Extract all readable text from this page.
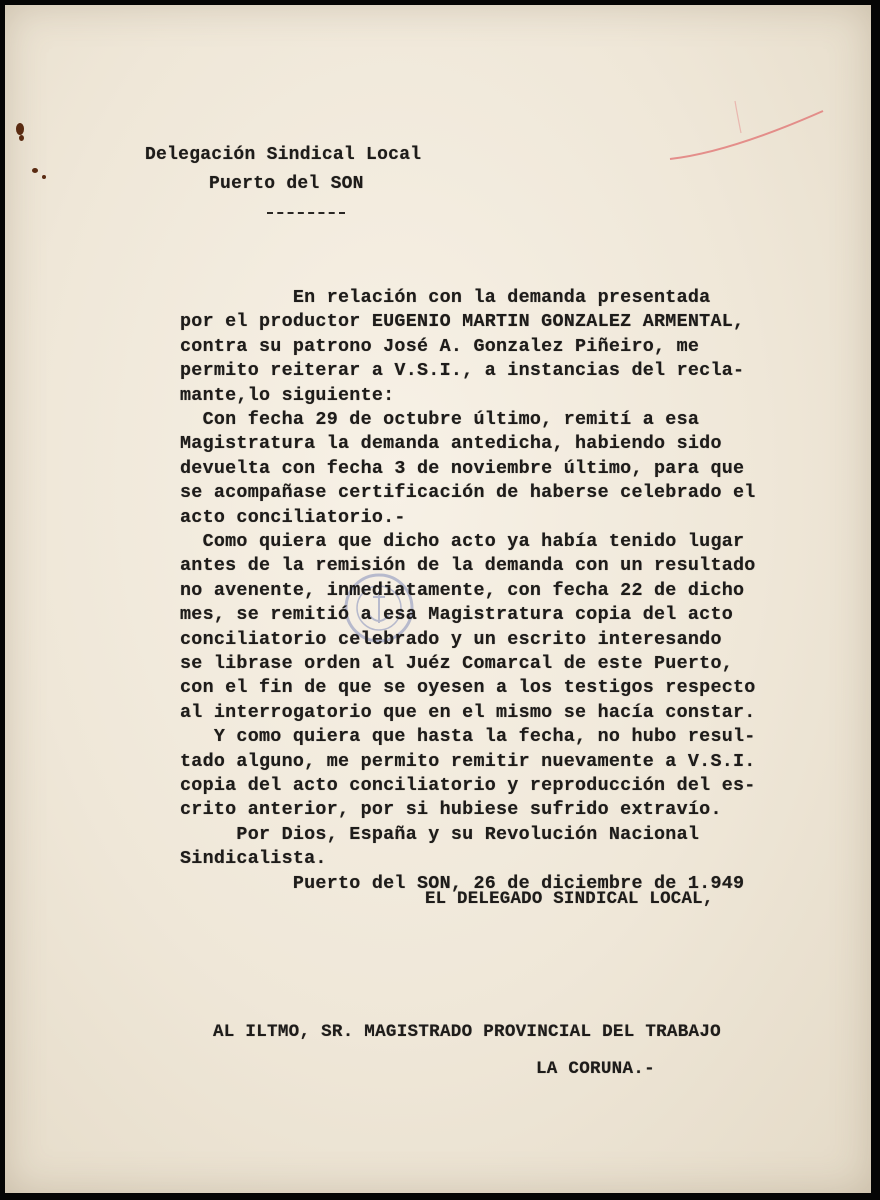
Delegación Sindical Local

Puerto del SON

En relación con la demanda presentada

por el productor EUGENIO MARTIN GONZALEZ ARMENTAL,

contra su patrono José A. Gonzalez Piñeiro, me

permito reiterar a V.S.I., a instancias del recla-

mante,lo siguiente:

Con fecha 29 de octubre último, remití a esa

Magistratura la demanda antedicha, habiendo sido

devuelta con fecha 3 de noviembre último, para que

se acompañase certificación de haberse celebrado el

acto conciliatorio.-

Como quiera que dicho acto ya había tenido lugar

antes de la remisión de la demanda con un resultado

no avenente, inmediatamente, con fecha 22 de dicho

mes, se remitió a esa Magistratura copia del acto

conciliatorio celebrado y un escrito interesando

se librase orden al Juéz Comarcal de este Puerto,

con el fin de que se oyesen a los testigos respecto

al interrogatorio que en el mismo se hacía constar.

Y como quiera que hasta la fecha, no hubo resul-

tado alguno, me permito remitir nuevamente a V.S.I.

copia del acto conciliatorio y reproducción del es-

crito anterior, por si hubiese sufrido extravío.

Por Dios, España y su Revolución Nacional

Sindicalista.

Puerto del SON, 26 de diciembre de 1.949

EL DELEGADO SINDICAL LOCAL,

AL ILTMO, SR. MAGISTRADO PROVINCIAL DEL TRABAJO

LA CORUNA.-
